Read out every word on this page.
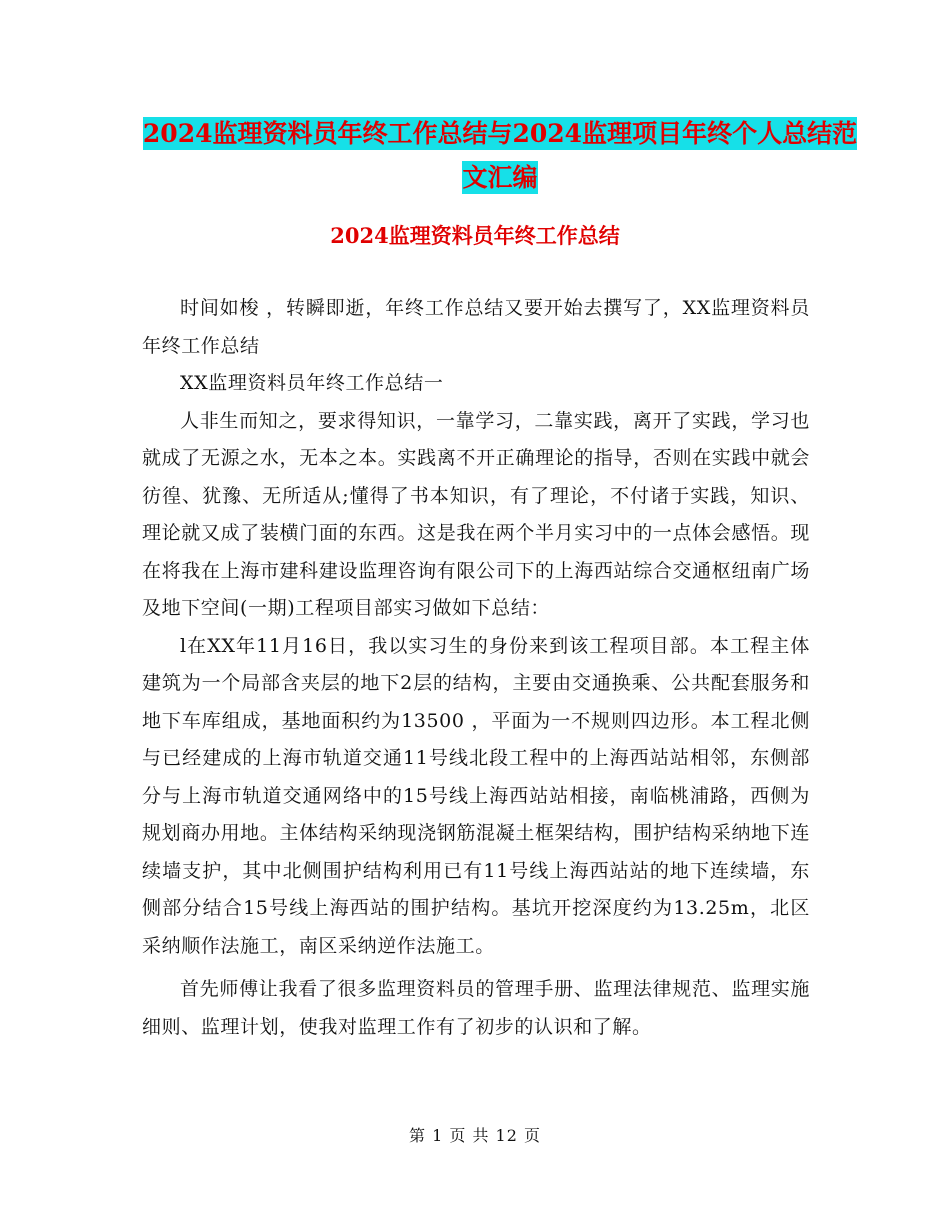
2024监理资料员年终工作总结与2024监理项目年终个人总结范文汇编
2024监理资料员年终工作总结

时间如梭 ，转瞬即逝，年终工作总结又要开始去撰写了，XX监理资料员年终工作总结

XX监理资料员年终工作总结一

人非生而知之，要求得知识，一靠学习，二靠实践，离开了实践，学习也就成了无源之水，无本之本。实践离不开正确理论的指导，否则在实践中就会彷徨、犹豫、无所适从;懂得了书本知识，有了理论，不付诸于实践，知识、理论就又成了装横门面的东西。这是我在两个半月实习中的一点体会感悟。现在将我在上海市建科建设监理咨询有限公司下的上海西站综合交通枢纽南广场及地下空间(一期)工程项目部实习做如下总结：

l在XX年11月16日，我以实习生的身份来到该工程项目部。本工程主体建筑为一个局部含夹层的地下2层的结构，主要由交通换乘、公共配套服务和地下车库组成，基地面积约为13500 ，平面为一不规则四边形。本工程北侧与已经建成的上海市轨道交通11号线北段工程中的上海西站站相邻，东侧部分与上海市轨道交通网络中的15号线上海西站站相接，南临桃浦路，西侧为规划商办用地。主体结构采纳现浇钢筋混凝土框架结构，围护结构采纳地下连续墙支护，其中北侧围护结构利用已有11号线上海西站站的地下连续墙，东侧部分结合15号线上海西站的围护结构。基坑开挖深度约为13.25m，北区采纳顺作法施工，南区采纳逆作法施工。

首先师傅让我看了很多监理资料员的管理手册、监理法律规范、监理实施细则、监理计划，使我对监理工作有了初步的认识和了解。

第 1 页 共 12 页
